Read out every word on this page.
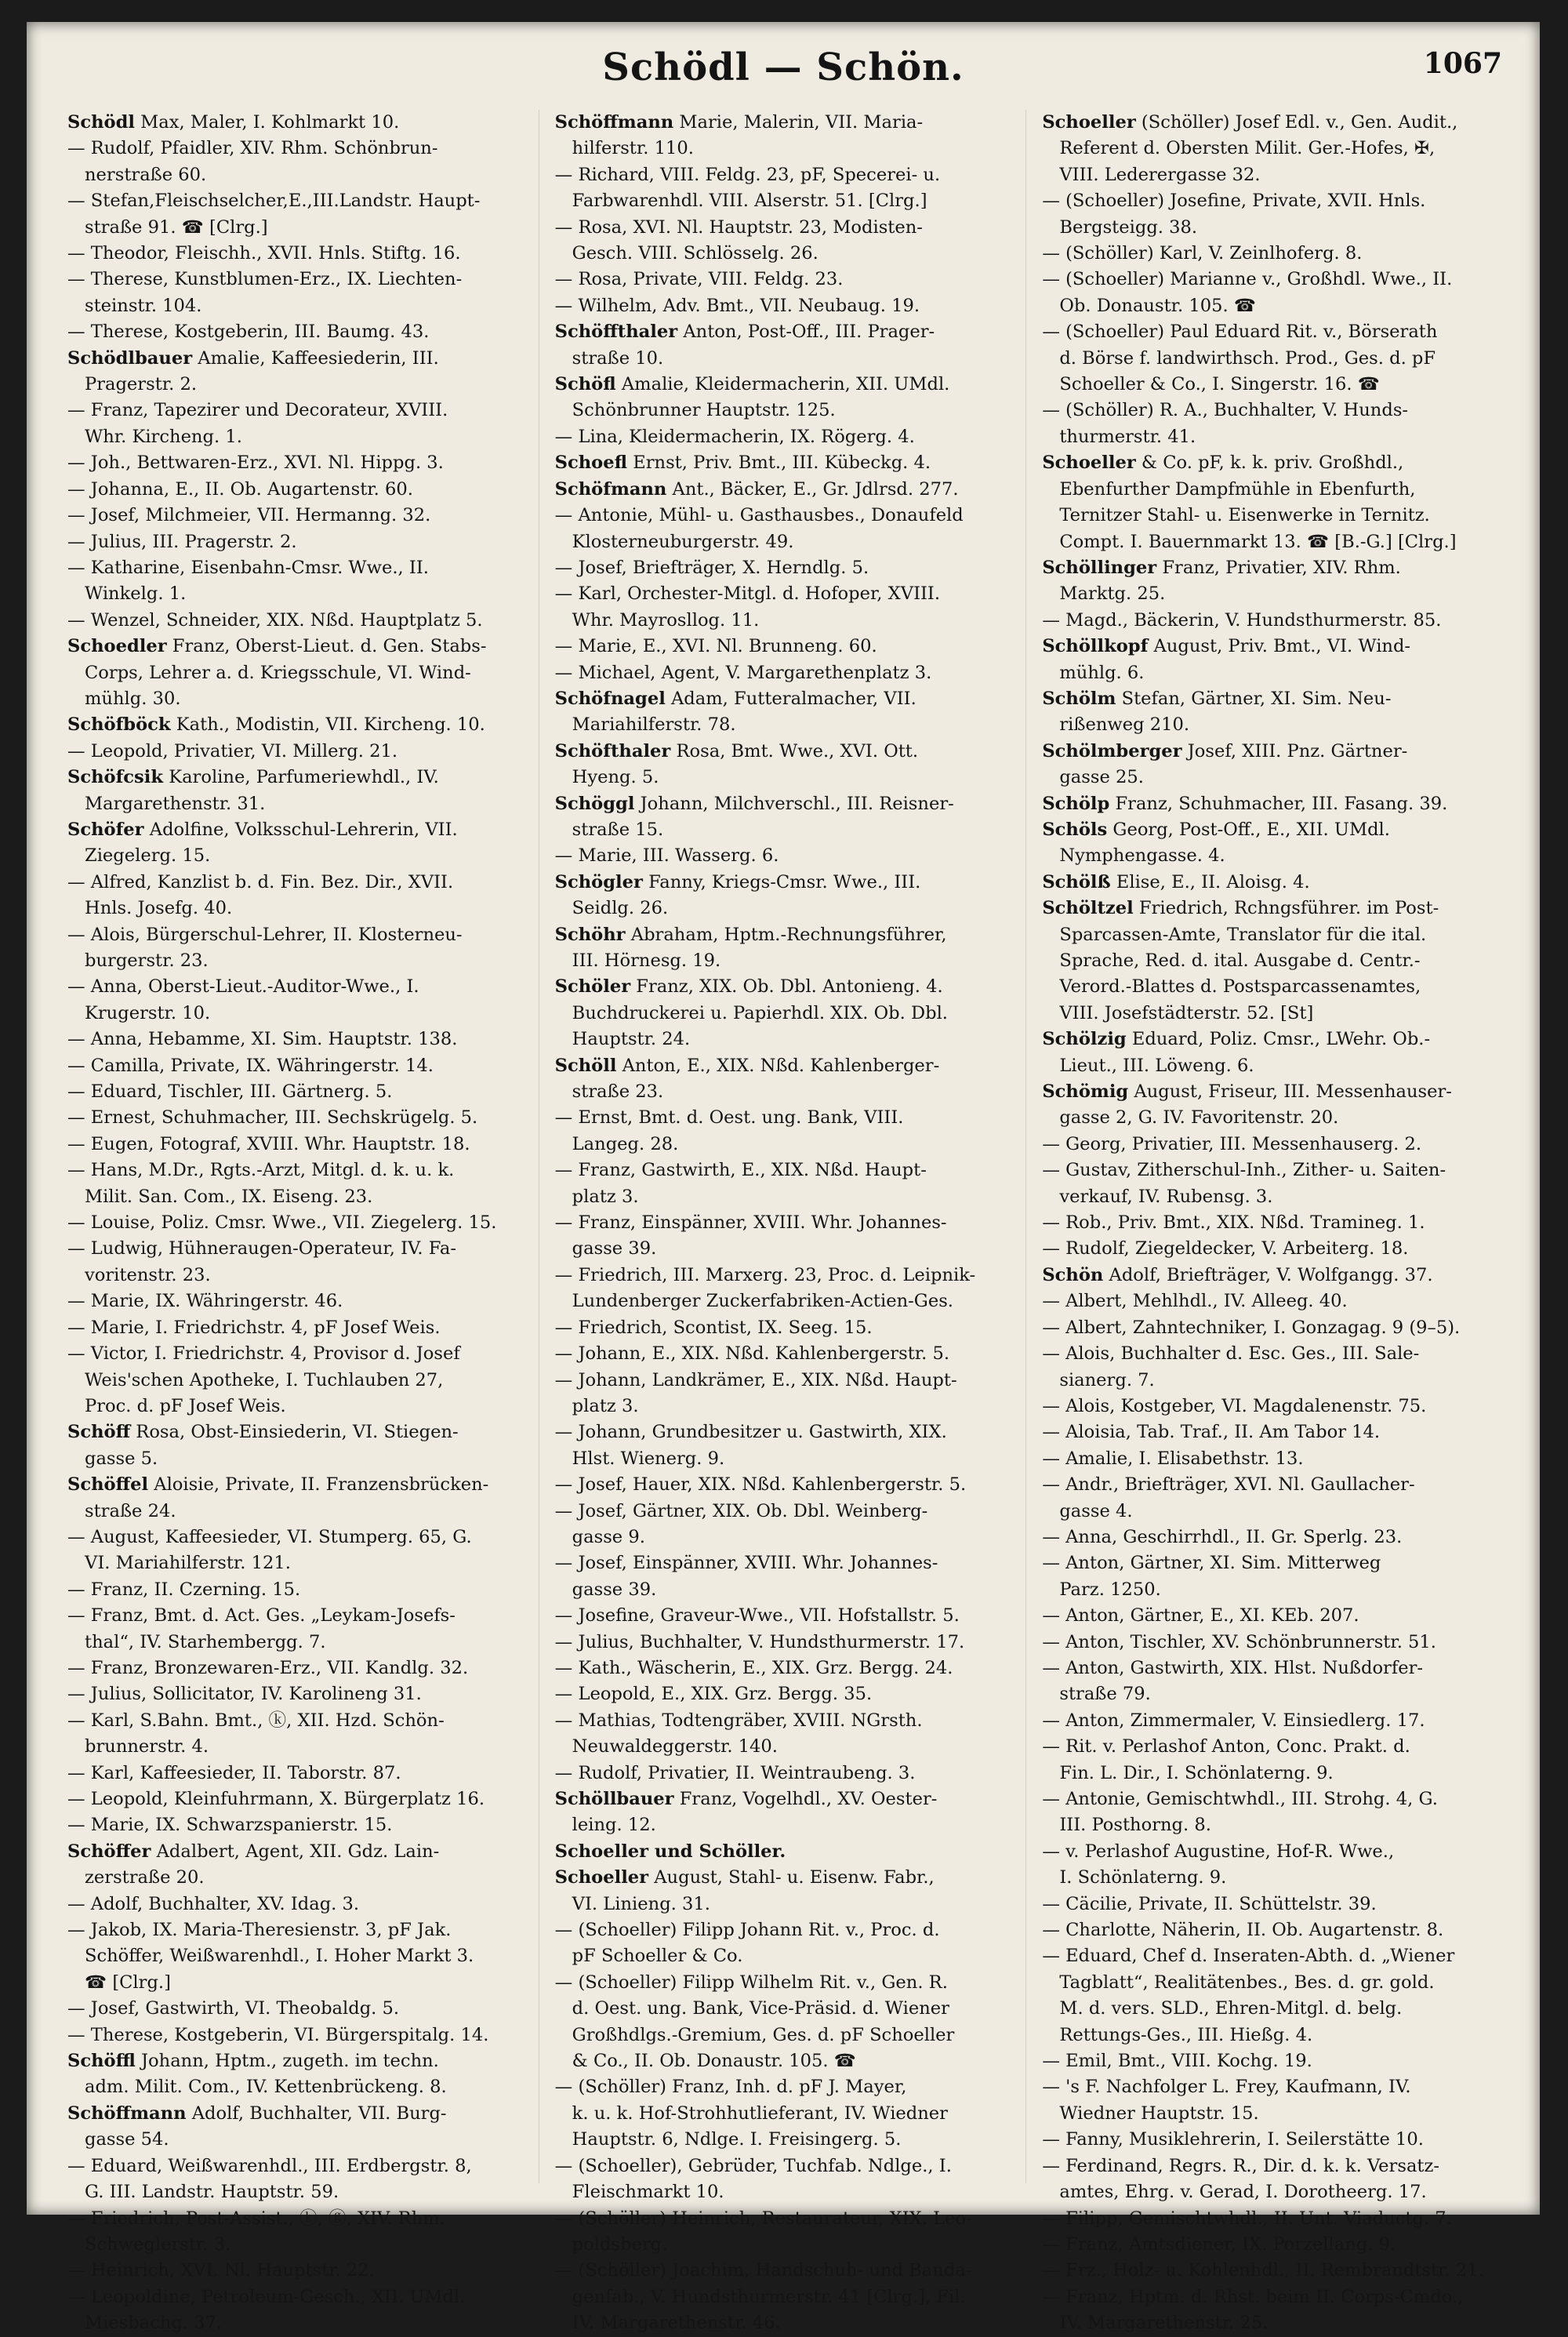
Schödl — Schön.	1067
Schödl Max, Maler, I. Kohlmarkt 10.
— Rudolf, Pfaidler, XIV. Rhm. Schönbrun-
nerstraße 60.
— Stefan,Fleischselcher,E.,III.Landstr. Haupt-
straße 91. ☎ [Clrg.]
— Theodor, Fleischh., XVII. Hnls. Stiftg. 16.
— Therese, Kunstblumen-Erz., IX. Liechten-
steinstr. 104.
— Therese, Kostgeberin, III. Baumg. 43.
Schödlbauer Amalie, Kaffeesiederin, III.
Pragerstr. 2.
— Franz, Tapezirer und Decorateur, XVIII.
Whr. Kircheng. 1.
— Joh., Bettwaren-Erz., XVI. Nl. Hippg. 3.
— Johanna, E., II. Ob. Augartenstr. 60.
— Josef, Milchmeier, VII. Hermanng. 32.
— Julius, III. Pragerstr. 2.
— Katharine, Eisenbahn-Cmsr. Wwe., II.
Winkelg. 1.
— Wenzel, Schneider, XIX. Nßd. Hauptplatz 5.
Schoedler Franz, Oberst-Lieut. d. Gen. Stabs-
Corps, Lehrer a. d. Kriegsschule, VI. Wind-
mühlg. 30.
Schöfböck Kath., Modistin, VII. Kircheng. 10.
— Leopold, Privatier, VI. Millerg. 21.
Schöfcsik Karoline, Parfumeriewhdl., IV.
Margarethenstr. 31.
Schöfer Adolfine, Volksschul-Lehrerin, VII.
Ziegelerg. 15.
— Alfred, Kanzlist b. d. Fin. Bez. Dir., XVII.
Hnls. Josefg. 40.
— Alois, Bürgerschul-Lehrer, II. Klosterneu-
burgerstr. 23.
— Anna, Oberst-Lieut.-Auditor-Wwe., I.
Krugerstr. 10.
— Anna, Hebamme, XI. Sim. Hauptstr. 138.
— Camilla, Private, IX. Währingerstr. 14.
— Eduard, Tischler, III. Gärtnerg. 5.
— Ernest, Schuhmacher, III. Sechskrügelg. 5.
— Eugen, Fotograf, XVIII. Whr. Hauptstr. 18.
— Hans, M.Dr., Rgts.-Arzt, Mitgl. d. k. u. k.
Milit. San. Com., IX. Eiseng. 23.
— Louise, Poliz. Cmsr. Wwe., VII. Ziegelerg. 15.
— Ludwig, Hühneraugen-Operateur, IV. Fa-
voritenstr. 23.
— Marie, IX. Währingerstr. 46.
— Marie, I. Friedrichstr. 4, pF Josef Weis.
— Victor, I. Friedrichstr. 4, Provisor d. Josef
Weis'schen Apotheke, I. Tuchlauben 27,
Proc. d. pF Josef Weis.
Schöff Rosa, Obst-Einsiederin, VI. Stiegen-
gasse 5.
Schöffel Aloisie, Private, II. Franzensbrücken-
straße 24.
— August, Kaffeesieder, VI. Stumperg. 65, G.
VI. Mariahilferstr. 121.
— Franz, II. Czerning. 15.
— Franz, Bmt. d. Act. Ges. „Leykam-Josefs-
thal“, IV. Starhembergg. 7.
— Franz, Bronzewaren-Erz., VII. Kandlg. 32.
— Julius, Sollicitator, IV. Karolineng 31.
— Karl, S.Bahn. Bmt., ⓚ, XII. Hzd. Schön-
brunnerstr. 4.
— Karl, Kaffeesieder, II. Taborstr. 87.
— Leopold, Kleinfuhrmann, X. Bürgerplatz 16.
— Marie, IX. Schwarzspanierstr. 15.
Schöffer Adalbert, Agent, XII. Gdz. Lain-
zerstraße 20.
— Adolf, Buchhalter, XV. Idag. 3.
— Jakob, IX. Maria-Theresienstr. 3, pF Jak.
Schöffer, Weißwarenhdl., I. Hoher Markt 3.
☎ [Clrg.]
— Josef, Gastwirth, VI. Theobaldg. 5.
— Therese, Kostgeberin, VI. Bürgerspitalg. 14.
Schöffl Johann, Hptm., zugeth. im techn.
adm. Milit. Com., IV. Kettenbrückeng. 8.
Schöffmann Adolf, Buchhalter, VII. Burg-
gasse 54.
— Eduard, Weißwarenhdl., III. Erdbergstr. 8,
G. III. Landstr. Hauptstr. 59.
— Friedrich, Post-Assist., ⓚ, ⓖ, XIV. Rhm.
Schweglerstr. 3.
— Heinrich, XVI. Nl. Hauptstr. 22.
— Leopoldine, Petroleum-Gesch., XII. UMdl.
Miesbachg. 37.
Schöffmann Marie, Malerin, VII. Maria-
hilferstr. 110.
— Richard, VIII. Feldg. 23, pF, Specerei- u.
Farbwarenhdl. VIII. Alserstr. 51. [Clrg.]
— Rosa, XVI. Nl. Hauptstr. 23, Modisten-
Gesch. VIII. Schlösselg. 26.
— Rosa, Private, VIII. Feldg. 23.
— Wilhelm, Adv. Bmt., VII. Neubaug. 19.
Schöffthaler Anton, Post-Off., III. Prager-
straße 10.
Schöfl Amalie, Kleidermacherin, XII. UMdl.
Schönbrunner Hauptstr. 125.
— Lina, Kleidermacherin, IX. Rögerg. 4.
Schoefl Ernst, Priv. Bmt., III. Kübeckg. 4.
Schöfmann Ant., Bäcker, E., Gr. Jdlrsd. 277.
— Antonie, Mühl- u. Gasthausbes., Donaufeld
Klosterneuburgerstr. 49.
— Josef, Briefträger, X. Herndlg. 5.
— Karl, Orchester-Mitgl. d. Hofoper, XVIII.
Whr. Mayrosllog. 11.
— Marie, E., XVI. Nl. Brunneng. 60.
— Michael, Agent, V. Margarethenplatz 3.
Schöfnagel Adam, Futteralmacher, VII.
Mariahilferstr. 78.
Schöfthaler Rosa, Bmt. Wwe., XVI. Ott.
Hyeng. 5.
Schöggl Johann, Milchverschl., III. Reisner-
straße 15.
— Marie, III. Wasserg. 6.
Schögler Fanny, Kriegs-Cmsr. Wwe., III.
Seidlg. 26.
Schöhr Abraham, Hptm.-Rechnungsführer,
III. Hörnesg. 19.
Schöler Franz, XIX. Ob. Dbl. Antonieng. 4.
Buchdruckerei u. Papierhdl. XIX. Ob. Dbl.
Hauptstr. 24.
Schöll Anton, E., XIX. Nßd. Kahlenberger-
straße 23.
— Ernst, Bmt. d. Oest. ung. Bank, VIII.
Langeg. 28.
— Franz, Gastwirth, E., XIX. Nßd. Haupt-
platz 3.
— Franz, Einspänner, XVIII. Whr. Johannes-
gasse 39.
— Friedrich, III. Marxerg. 23, Proc. d. Leipnik-
Lundenberger Zuckerfabriken-Actien-Ges.
— Friedrich, Scontist, IX. Seeg. 15.
— Johann, E., XIX. Nßd. Kahlenbergerstr. 5.
— Johann, Landkrämer, E., XIX. Nßd. Haupt-
platz 3.
— Johann, Grundbesitzer u. Gastwirth, XIX.
Hlst. Wienerg. 9.
— Josef, Hauer, XIX. Nßd. Kahlenbergerstr. 5.
— Josef, Gärtner, XIX. Ob. Dbl. Weinberg-
gasse 9.
— Josef, Einspänner, XVIII. Whr. Johannes-
gasse 39.
— Josefine, Graveur-Wwe., VII. Hofstallstr. 5.
— Julius, Buchhalter, V. Hundsthurmerstr. 17.
— Kath., Wäscherin, E., XIX. Grz. Bergg. 24.
— Leopold, E., XIX. Grz. Bergg. 35.
— Mathias, Todtengräber, XVIII. NGrsth.
Neuwaldeggerstr. 140.
— Rudolf, Privatier, II. Weintraubeng. 3.
Schöllbauer Franz, Vogelhdl., XV. Oester-
leing. 12.
Schoeller und Schöller.
Schoeller August, Stahl- u. Eisenw. Fabr.,
VI. Linieng. 31.
— (Schoeller) Filipp Johann Rit. v., Proc. d.
pF Schoeller & Co.
— (Schoeller) Filipp Wilhelm Rit. v., Gen. R.
d. Oest. ung. Bank, Vice-Präsid. d. Wiener
Großhdlgs.-Gremium, Ges. d. pF Schoeller
& Co., II. Ob. Donaustr. 105. ☎
— (Schöller) Franz, Inh. d. pF J. Mayer,
k. u. k. Hof-Strohhutlieferant, IV. Wiedner
Hauptstr. 6, Ndlge. I. Freisingerg. 5.
— (Schoeller), Gebrüder, Tuchfab. Ndlge., I.
Fleischmarkt 10.
— (Schöller) Heinrich, Restaurateur, XIX. Leo-
poldsberg.
— (Schöller) Joachim, Handschuh- und Banda-
genfab., V. Hundsthurmerstr. 41 [Clrg.], Fil.
IV. Margarethenstr. 46.
Schoeller (Schöller) Josef Edl. v., Gen. Audit.,
Referent d. Obersten Milit. Ger.-Hofes, ✠,
VIII. Lederergasse 32.
— (Schoeller) Josefine, Private, XVII. Hnls.
Bergsteigg. 38.
— (Schöller) Karl, V. Zeinlhoferg. 8.
— (Schoeller) Marianne v., Großhdl. Wwe., II.
Ob. Donaustr. 105. ☎
— (Schoeller) Paul Eduard Rit. v., Börserath
d. Börse f. landwirthsch. Prod., Ges. d. pF
Schoeller & Co., I. Singerstr. 16. ☎
— (Schöller) R. A., Buchhalter, V. Hunds-
thurmerstr. 41.
Schoeller & Co. pF, k. k. priv. Großhdl.,
Ebenfurther Dampfmühle in Ebenfurth,
Ternitzer Stahl- u. Eisenwerke in Ternitz.
Compt. I. Bauernmarkt 13. ☎ [B.-G.] [Clrg.]
Schöllinger Franz, Privatier, XIV. Rhm.
Marktg. 25.
— Magd., Bäckerin, V. Hundsthurmerstr. 85.
Schöllkopf August, Priv. Bmt., VI. Wind-
mühlg. 6.
Schölm Stefan, Gärtner, XI. Sim. Neu-
rißenweg 210.
Schölmberger Josef, XIII. Pnz. Gärtner-
gasse 25.
Schölp Franz, Schuhmacher, III. Fasang. 39.
Schöls Georg, Post-Off., E., XII. UMdl.
Nymphengasse. 4.
Schölß Elise, E., II. Aloisg. 4.
Schöltzel Friedrich, Rchngsführer. im Post-
Sparcassen-Amte, Translator für die ital.
Sprache, Red. d. ital. Ausgabe d. Centr.-
Verord.-Blattes d. Postsparcassenamtes,
VIII. Josefstädterstr. 52. [St]
Schölzig Eduard, Poliz. Cmsr., LWehr. Ob.-
Lieut., III. Löweng. 6.
Schömig August, Friseur, III. Messenhauser-
gasse 2, G. IV. Favoritenstr. 20.
— Georg, Privatier, III. Messenhauserg. 2.
— Gustav, Zitherschul-Inh., Zither- u. Saiten-
verkauf, IV. Rubensg. 3.
— Rob., Priv. Bmt., XIX. Nßd. Tramineg. 1.
— Rudolf, Ziegeldecker, V. Arbeiterg. 18.
Schön Adolf, Briefträger, V. Wolfgangg. 37.
— Albert, Mehlhdl., IV. Alleeg. 40.
— Albert, Zahntechniker, I. Gonzagag. 9 (9–5).
— Alois, Buchhalter d. Esc. Ges., III. Sale-
sianerg. 7.
— Alois, Kostgeber, VI. Magdalenenstr. 75.
— Aloisia, Tab. Traf., II. Am Tabor 14.
— Amalie, I. Elisabethstr. 13.
— Andr., Briefträger, XVI. Nl. Gaullacher-
gasse 4.
— Anna, Geschirrhdl., II. Gr. Sperlg. 23.
— Anton, Gärtner, XI. Sim. Mitterweg
Parz. 1250.
— Anton, Gärtner, E., XI. KEb. 207.
— Anton, Tischler, XV. Schönbrunnerstr. 51.
— Anton, Gastwirth, XIX. Hlst. Nußdorfer-
straße 79.
— Anton, Zimmermaler, V. Einsiedlerg. 17.
— Rit. v. Perlashof Anton, Conc. Prakt. d.
Fin. L. Dir., I. Schönlaterng. 9.
— Antonie, Gemischtwhdl., III. Strohg. 4, G.
III. Posthorng. 8.
— v. Perlashof Augustine, Hof-R. Wwe.,
I. Schönlaterng. 9.
— Cäcilie, Private, II. Schüttelstr. 39.
— Charlotte, Näherin, II. Ob. Augartenstr. 8.
— Eduard, Chef d. Inseraten-Abth. d. „Wiener
Tagblatt“, Realitätenbes., Bes. d. gr. gold.
M. d. vers. SLD., Ehren-Mitgl. d. belg.
Rettungs-Ges., III. Hießg. 4.
— Emil, Bmt., VIII. Kochg. 19.
— 's F. Nachfolger L. Frey, Kaufmann, IV.
Wiedner Hauptstr. 15.
— Fanny, Musiklehrerin, I. Seilerstätte 10.
— Ferdinand, Regrs. R., Dir. d. k. k. Versatz-
amtes, Ehrg. v. Gerad, I. Dorotheerg. 17.
— Filipp, Gemischtwhdl., II. Unt. Viaductg. 7.
— Franz, Amtsdiener, IX. Porzellang. 9.
— Frz., Holz- u. Kohlenhdl., II. Rembrandtstr. 21.
— Franz, Hptm. d. Rhst. beim II. Corps-Cmdo.,
IV. Margarethenstr. 25.
